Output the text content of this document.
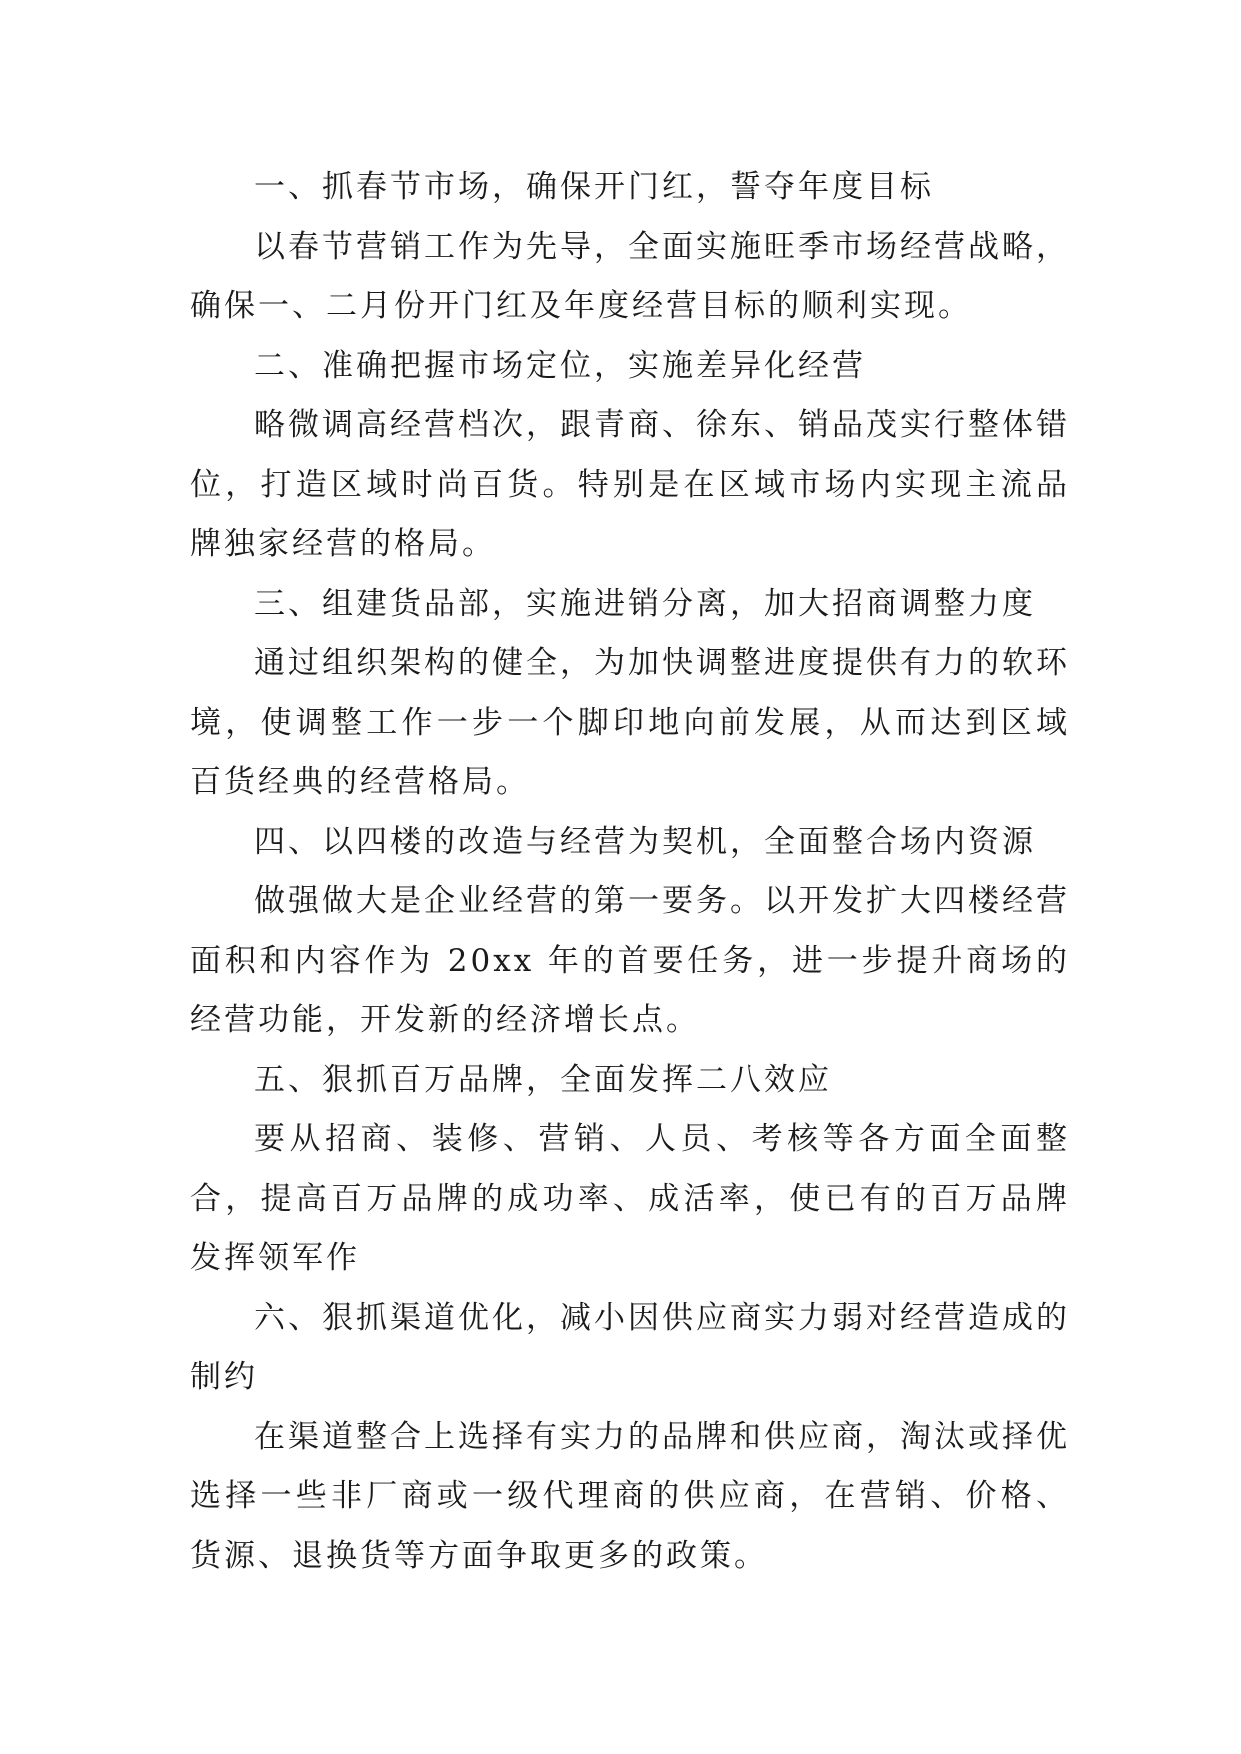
一、抓春节市场，确保开门红，誓夺年度目标

以春节营销工作为先导，全面实施旺季市场经营战略，确保一、二月份开门红及年度经营目标的顺利实现。

二、准确把握市场定位，实施差异化经营

略微调高经营档次，跟青商、徐东、销品茂实行整体错位，打造区域时尚百货。特别是在区域市场内实现主流品牌独家经营的格局。

三、组建货品部，实施进销分离，加大招商调整力度

通过组织架构的健全，为加快调整进度提供有力的软环境，使调整工作一步一个脚印地向前发展，从而达到区域百货经典的经营格局。

四、以四楼的改造与经营为契机，全面整合场内资源

做强做大是企业经营的第一要务。以开发扩大四楼经营面积和内容作为 20xx 年的首要任务，进一步提升商场的经营功能，开发新的经济增长点。

五、狠抓百万品牌，全面发挥二八效应

要从招商、装修、营销、人员、考核等各方面全面整合，提高百万品牌的成功率、成活率，使已有的百万品牌发挥领军作

六、狠抓渠道优化，减小因供应商实力弱对经营造成的制约

在渠道整合上选择有实力的品牌和供应商，淘汰或择优选择一些非厂商或一级代理商的供应商，在营销、价格、货源、退换货等方面争取更多的政策。
